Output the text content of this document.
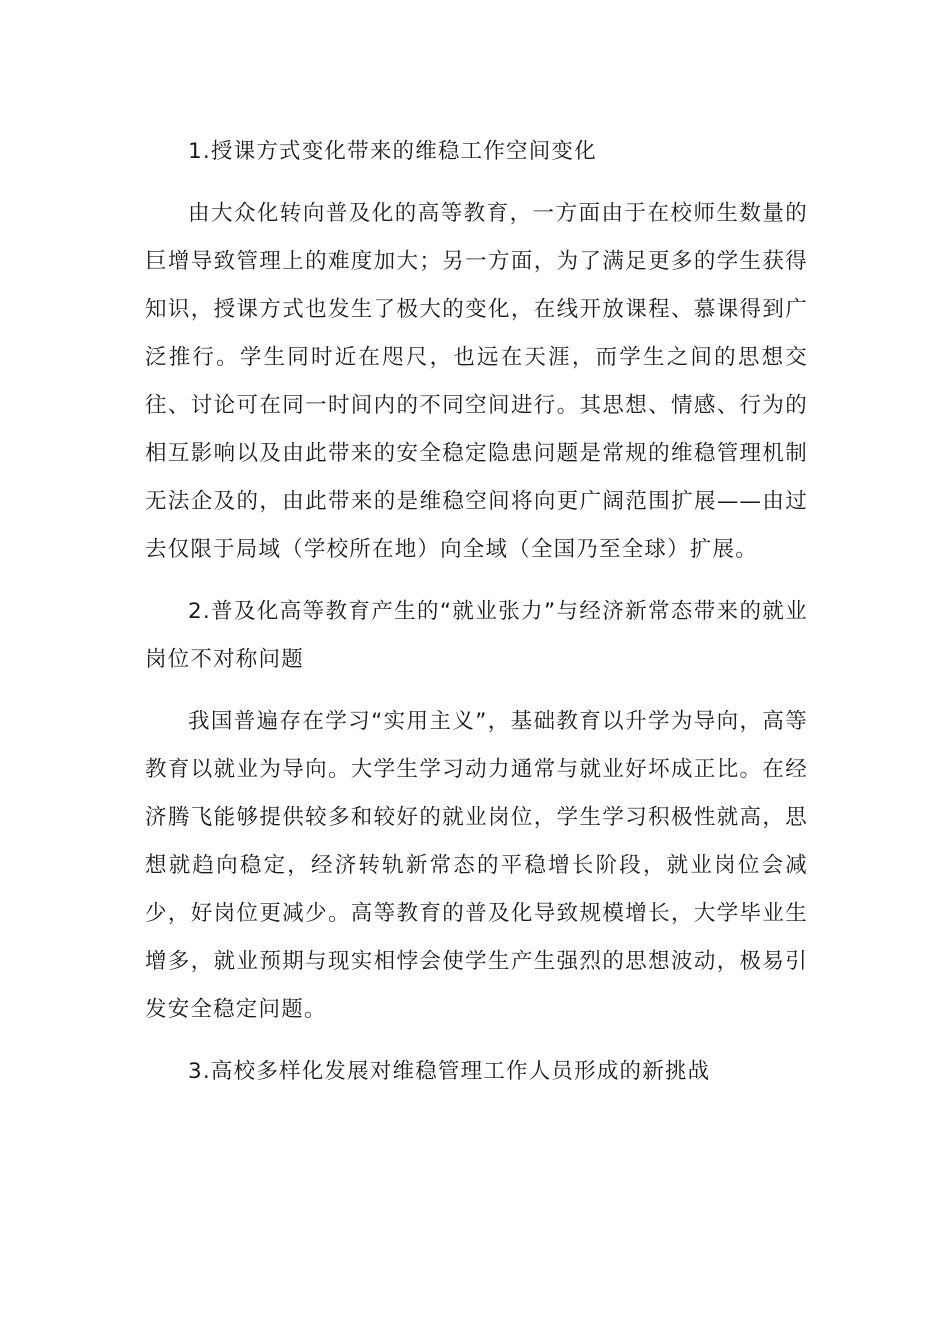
1.授课方式变化带来的维稳工作空间变化

由大众化转向普及化的高等教育，一方面由于在校师生数量的巨增导致管理上的难度加大；另一方面，为了满足更多的学生获得知识，授课方式也发生了极大的变化，在线开放课程、慕课得到广泛推行。学生同时近在咫尺，也远在天涯，而学生之间的思想交往、讨论可在同一时间内的不同空间进行。其思想、情感、行为的相互影响以及由此带来的安全稳定隐患问题是常规的维稳管理机制无法企及的，由此带来的是维稳空间将向更广阔范围扩展——由过去仅限于局域（学校所在地）向全域（全国乃至全球）扩展。

2.普及化高等教育产生的“就业张力”与经济新常态带来的就业岗位不对称问题

我国普遍存在学习“实用主义”，基础教育以升学为导向，高等教育以就业为导向。大学生学习动力通常与就业好坏成正比。在经济腾飞能够提供较多和较好的就业岗位，学生学习积极性就高，思想就趋向稳定，经济转轨新常态的平稳增长阶段，就业岗位会减少，好岗位更减少。高等教育的普及化导致规模增长，大学毕业生增多，就业预期与现实相悖会使学生产生强烈的思想波动，极易引发安全稳定问题。

3.高校多样化发展对维稳管理工作人员形成的新挑战
